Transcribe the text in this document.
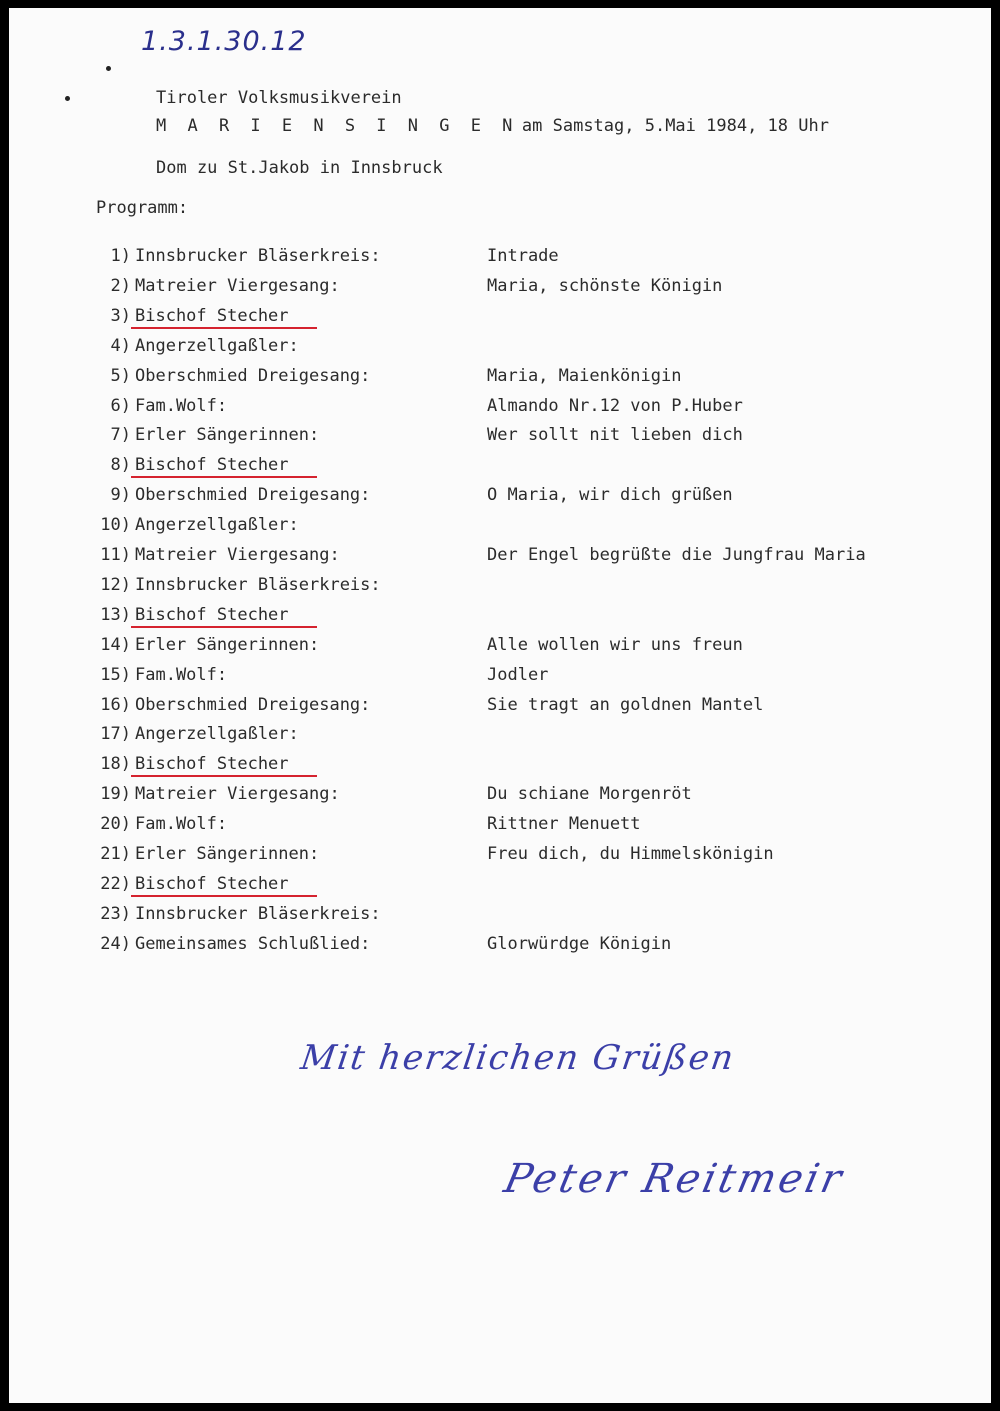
1.3.1.30.12
Tiroler Volksmusikverein
M A R I E N S I N G E N am Samstag, 5.Mai 1984, 18 Uhr
Dom zu St.Jakob in Innsbruck
Programm:
1) Innsbrucker Bläserkreis:	Intrade
2) Matreier Viergesang:	Maria, schönste Königin
3) Bischof Stecher
4) Angerzellgaßler:
5) Oberschmied Dreigesang:	Maria, Maienkönigin
6) Fam.Wolf:	Almando Nr.12 von P.Huber
7) Erler Sängerinnen:	Wer sollt nit lieben dich
8) Bischof Stecher
9) Oberschmied Dreigesang:	O Maria, wir dich grüßen
10) Angerzellgaßler:
11) Matreier Viergesang:	Der Engel begrüßte die Jungfrau Maria
12) Innsbrucker Bläserkreis:
13) Bischof Stecher
14) Erler Sängerinnen:	Alle wollen wir uns freun
15) Fam.Wolf:	Jodler
16) Oberschmied Dreigesang:	Sie tragt an goldnen Mantel
17) Angerzellgaßler:
18) Bischof Stecher
19) Matreier Viergesang:	Du schiane Morgenröt
20) Fam.Wolf:	Rittner Menuett
21) Erler Sängerinnen:	Freu dich, du Himmelskönigin
22) Bischof Stecher
23) Innsbrucker Bläserkreis:
24) Gemeinsames Schlußlied:	Glorwürdge Königin
Mit herzlichen Grüßen
Peter Reitmeir
